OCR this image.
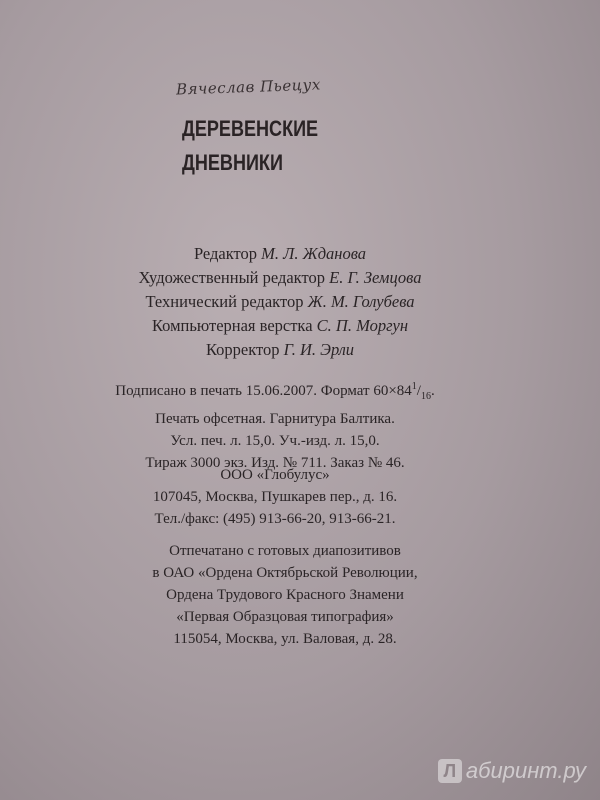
Вячеслав Пьецух
ДЕРЕВЕНСКИЕ
ДНЕВНИКИ
Редактор М. Л. Жданова
Художественный редактор Е. Г. Земцова
Технический редактор Ж. М. Голубева
Компьютерная верстка С. П. Моргун
Корректор Г. И. Эрли
Подписано в печать 15.06.2007. Формат $60\times 84^1/_{16}$.
Печать офсетная. Гарнитура Балтика.
Усл. печ. л. 15,0. Уч.-изд. л. 15,0.
Тираж 3000 экз. Изд. № 711. Заказ № 46.
ООО «Глобулус»
107045, Москва, Пушкарев пер., д. 16.
Тел./факс: (495) 913-66-20, 913-66-21.
Отпечатано с готовых диапозитивов
в ОАО «Ордена Октябрьской Революции,
Ордена Трудового Красного Знамени
«Первая Образцовая типография»
115054, Москва, ул. Валовая, д. 28.
Л абиринт.ру
